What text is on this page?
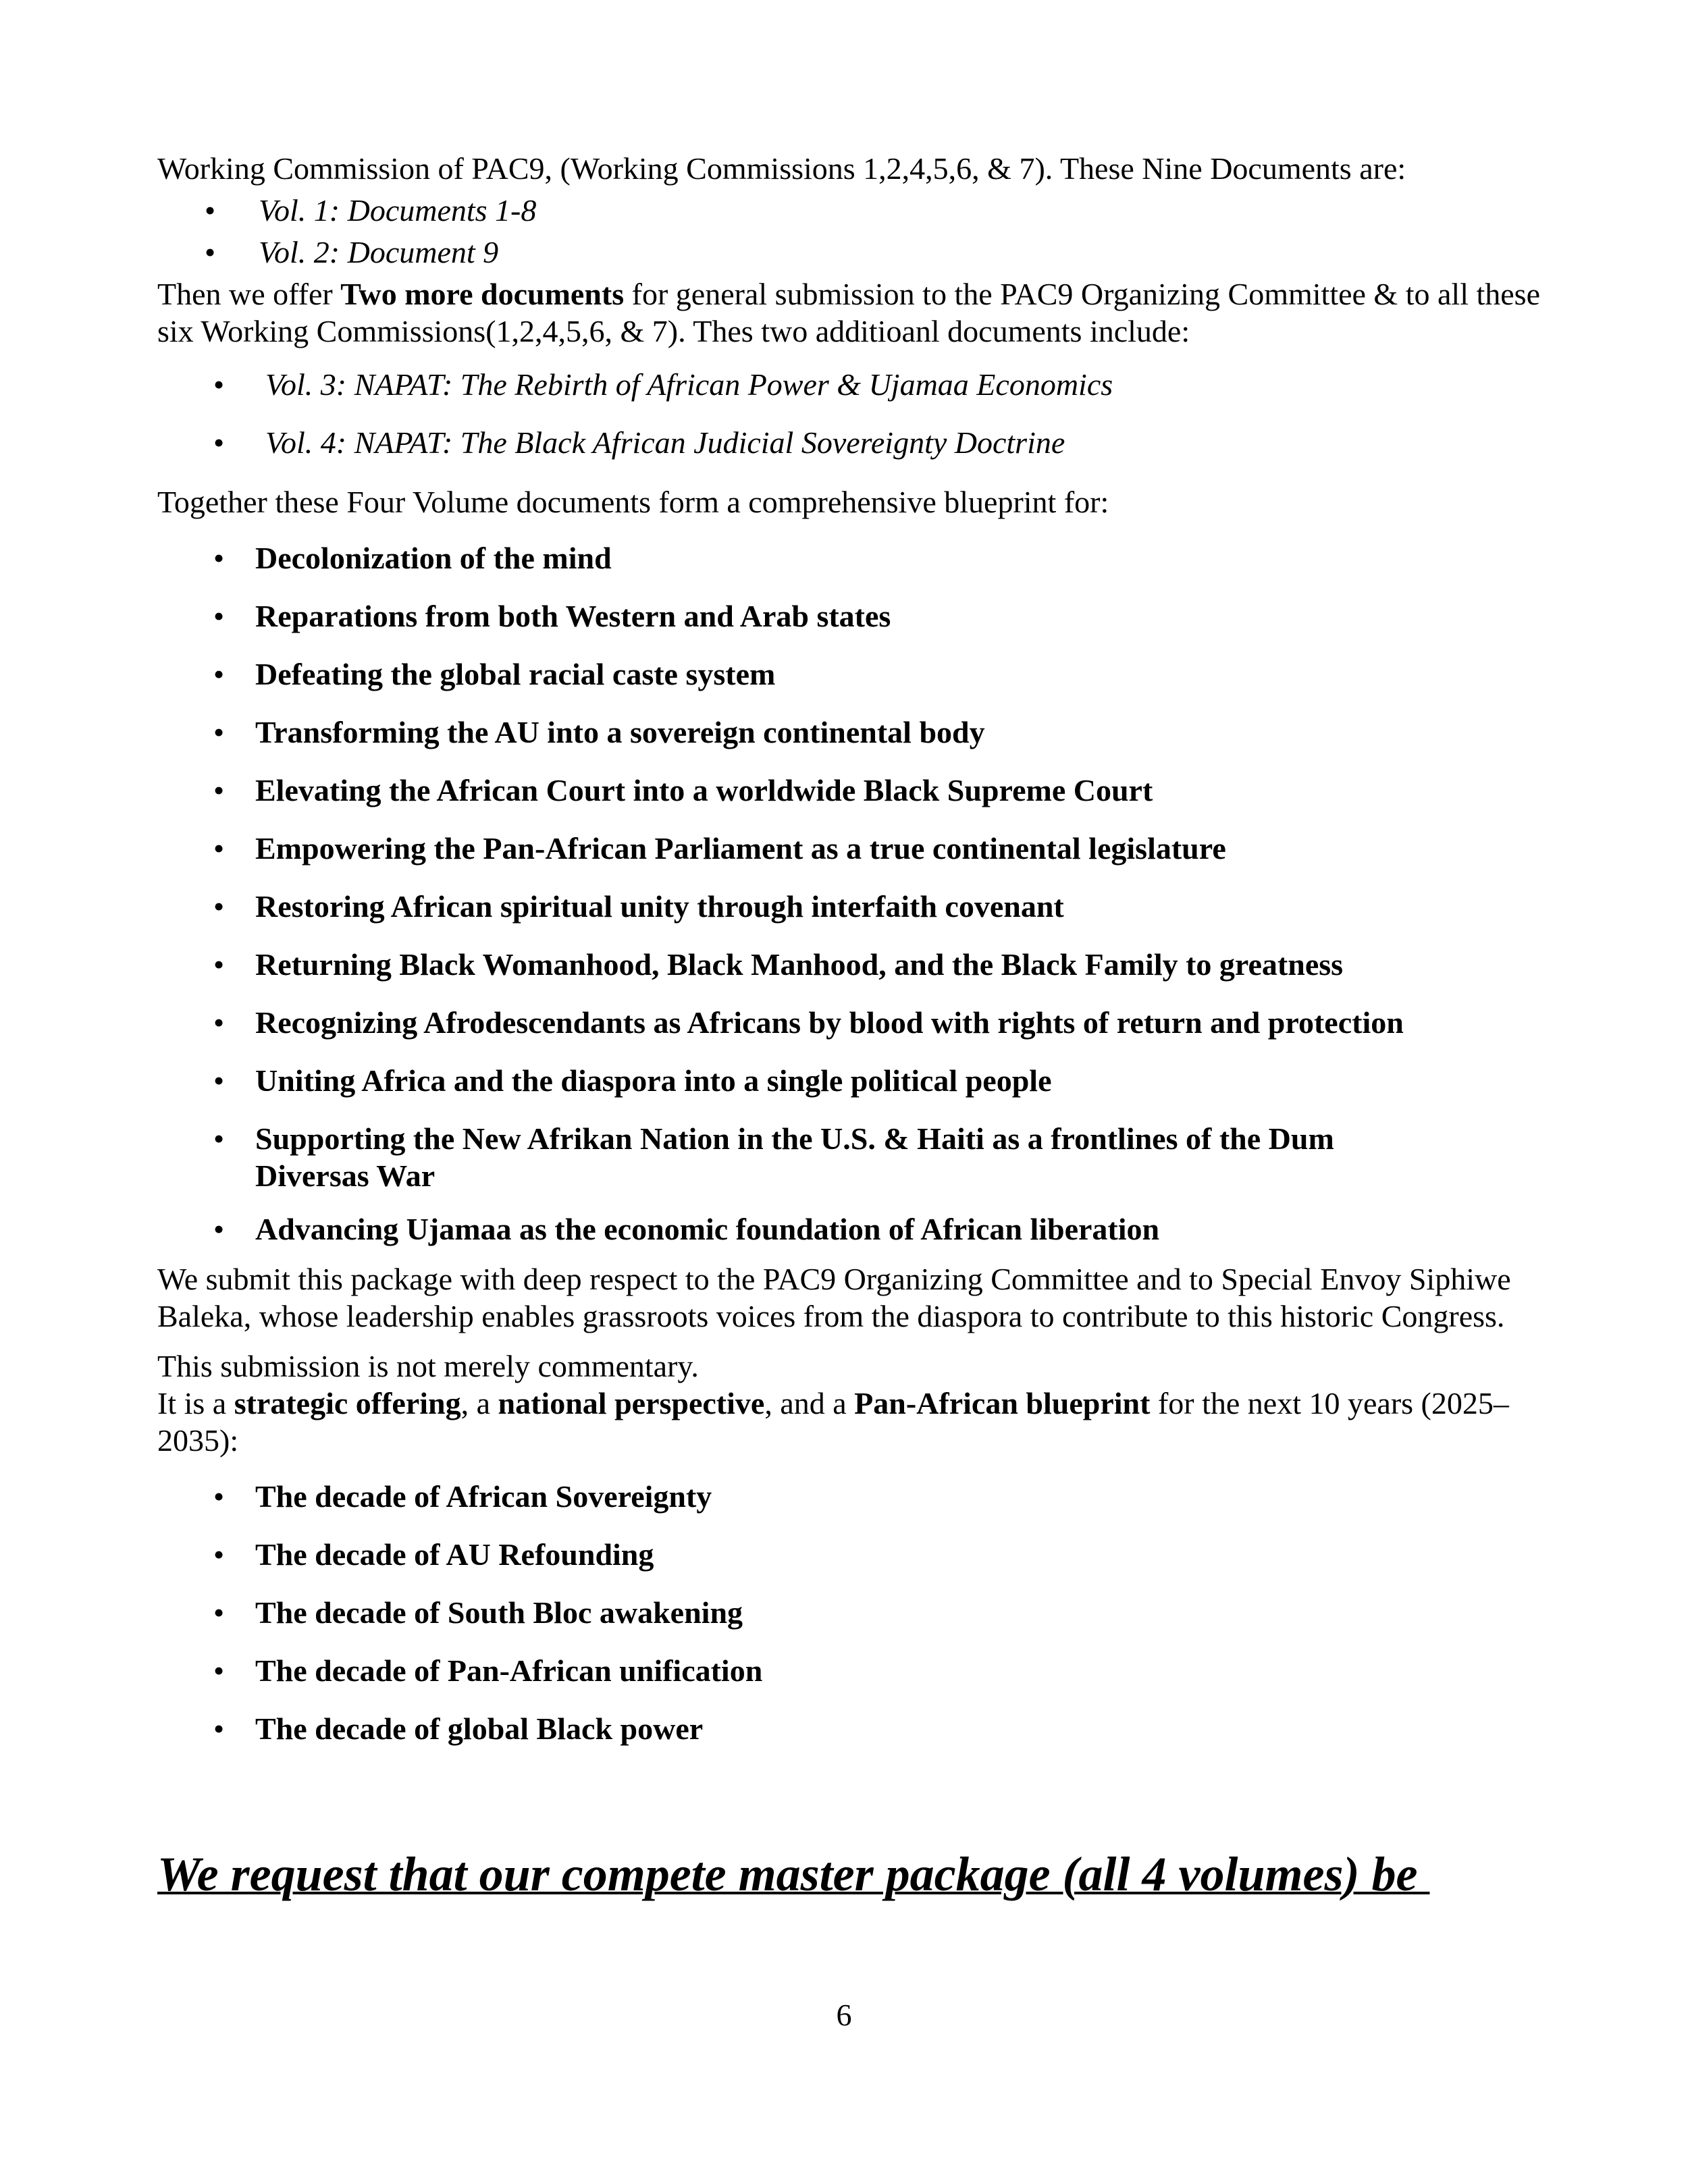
Working Commission of PAC9, (Working Commissions 1,2,4,5,6, & 7). These Nine Documents are:

• Vol. 1: Documents 1-8
• Vol. 2: Document 9

Then we offer Two more documents for general submission to the PAC9 Organizing Committee & to all these six Working Commissions(1,2,4,5,6, & 7). Thes two additioanl documents include:

• Vol. 3: NAPAT: The Rebirth of African Power & Ujamaa Economics
• Vol. 4: NAPAT: The Black African Judicial Sovereignty Doctrine

Together these Four Volume documents form a comprehensive blueprint for:

• Decolonization of the mind
• Reparations from both Western and Arab states
• Defeating the global racial caste system
• Transforming the AU into a sovereign continental body
• Elevating the African Court into a worldwide Black Supreme Court
• Empowering the Pan-African Parliament as a true continental legislature
• Restoring African spiritual unity through interfaith covenant
• Returning Black Womanhood, Black Manhood, and the Black Family to greatness
• Recognizing Afrodescendants as Africans by blood with rights of return and protection
• Uniting Africa and the diaspora into a single political people
• Supporting the New Afrikan Nation in the U.S. & Haiti as a frontlines of the Dum Diversas War
• Advancing Ujamaa as the economic foundation of African liberation

We submit this package with deep respect to the PAC9 Organizing Committee and to Special Envoy Siphiwe Baleka, whose leadership enables grassroots voices from the diaspora to contribute to this historic Congress.

This submission is not merely commentary.

It is a strategic offering, a national perspective, and a Pan-African blueprint for the next 10 years (2025–2035):

• The decade of African Sovereignty
• The decade of AU Refounding
• The decade of South Bloc awakening
• The decade of Pan-African unification
• The decade of global Black power
We request that our compete master package (all 4 volumes) be
6
